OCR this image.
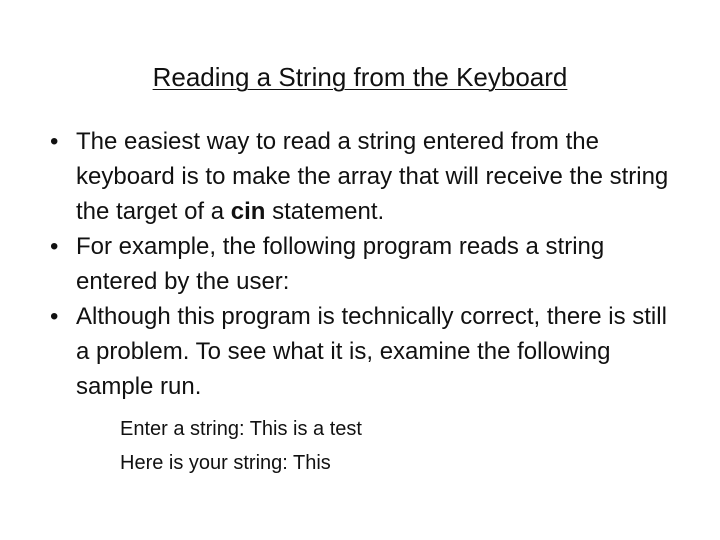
Reading a String from the Keyboard
• The easiest way to read a string entered from the keyboard is to make the array that will receive the string the target of a cin statement.
• For example, the following program reads a string entered by the user:
• Although this program is technically correct, there is still a problem. To see what it is, examine the following sample run.
Enter a string: This is a test
Here is your string: This
